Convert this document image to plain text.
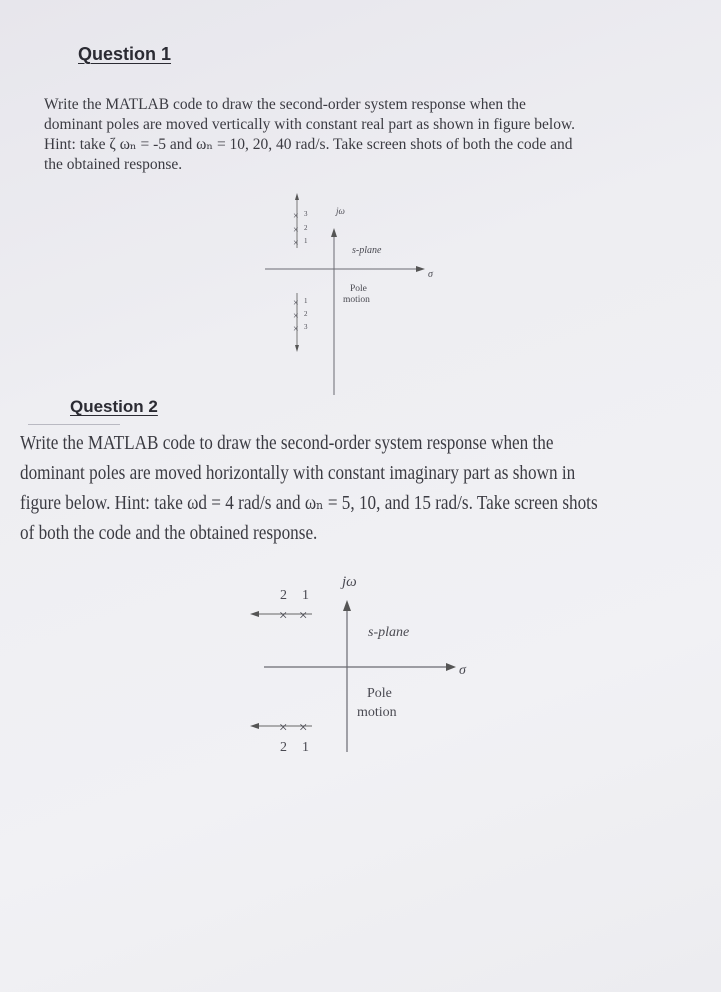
Question 1
Write the MATLAB code to draw the second-order system response when the
dominant poles are moved vertically with constant real part as shown in figure below.
Hint: take ζ ωₙ = -5 and ωₙ = 10, 20, 40 rad/s. Take screen shots of both the code and
the obtained response.
jω
s-plane
σ
Pole
motion
× 3
× 2
× 1
× 1
× 2
× 3
Question 2
Write the MATLAB code to draw the second-order system response when the
dominant poles are moved horizontally with constant imaginary part as shown in
figure below. Hint: take ωd = 4 rad/s and ωₙ = 5, 10, and 15 rad/s. Take screen shots
of both the code and the obtained response.
jω
s-plane
σ
Pole
motion
2 1
× ×
× ×
2 1
